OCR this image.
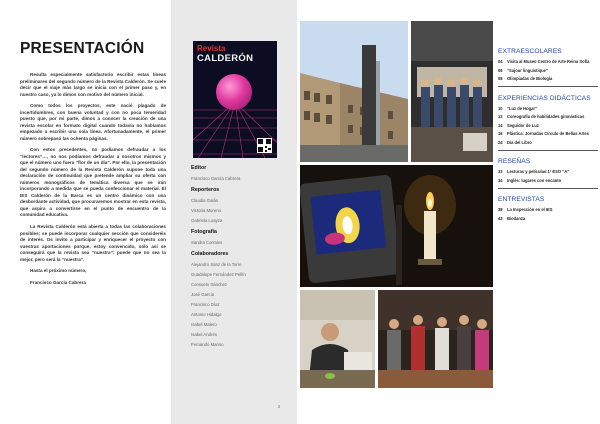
PRESENTACIÓN

Resulta especialmente satisfactorio escribir estas líneas preliminares del segundo número de la Revista Calderón. Se suele decir que el viaje más largo se inicia con el primer paso y, en nuestro caso, ya lo dimos con motivo del número inicial.

Como todos los proyectos, este nació plagado de incertidumbres, con buena voluntad y con no poca temeridad puesto que, por mi parte, dimos a conocer la creación de una revista escolar en formato digital cuando todavía no habíamos empezado a escribir una sola línea. Afortunadamente, el primer número sobrepasó las ochenta páginas.

Con estos precedentes, no podíamos defraudar a los “lectores”…, no nos podíamos defraudar a nosotros mismos y que el número uno fuera “flor de un día”. Por ello, la presentación del segundo número de la Revista Calderón supone toda una declaración de continuidad que pretende ampliar su oferta con números monográficos de temática diversa que se irán incorporando a medida que se pueda confeccionar el material. El IES Calderón de la Barca es un centro dinámico con una desbordante actividad, que procuraremos mostrar en esta revista, que aspira a convertirse en el punto de encuentro de la comunidad educativa.

La Revista Calderón está abierta a todas las colaboraciones posibles; se puede incorporar cualquier sección que consideréis de interés. Os invito a participar y enriquecer el proyecto con vuestras aportaciones porque, estoy convencido, sólo así se conseguirá que la revista sea “nuestra”; puede que no sea la mejor, pero será la “nuestra”.

Hasta el próximo número,

Francisco García Cabrera

Revista
CALDERÓN
Editor
Francisco García Cabrera
Reporteros
Claudia Galán
Victoria Moreno
Gabriela Loayza
Fotografía
Sandra Corrales
Colaboradores
Alejandro Sanz de la Torre
Guadalupe Fernández Pellín
Consuelo Sánchez
José García
Francisco Díaz
Antonio Hidalgo
Isabel Malero
Isabel Andrés
Fernando Manso
EXTRAESCOLARES
04	Visita al Museo Centro de Arte Reina Sofía
06	“Sajour linguistique”
08	Olimpiadas de Biología
EXPERIENCIAS DIDÁCTICAS
10	“Luz de Hogar”
12	Coreografía de habilidades gimnásticas
14	Seguidor de Luz
16	Plástica: Jornadas Círculo de Bellas Artes
24	Día del Libro
RESEÑAS
33	Lecturas y películas:1º ESO “A”
34	Inglés: lugares con encanto
ENTREVISTAS
38	La Inspección en el IES
43	Biodanza
2
